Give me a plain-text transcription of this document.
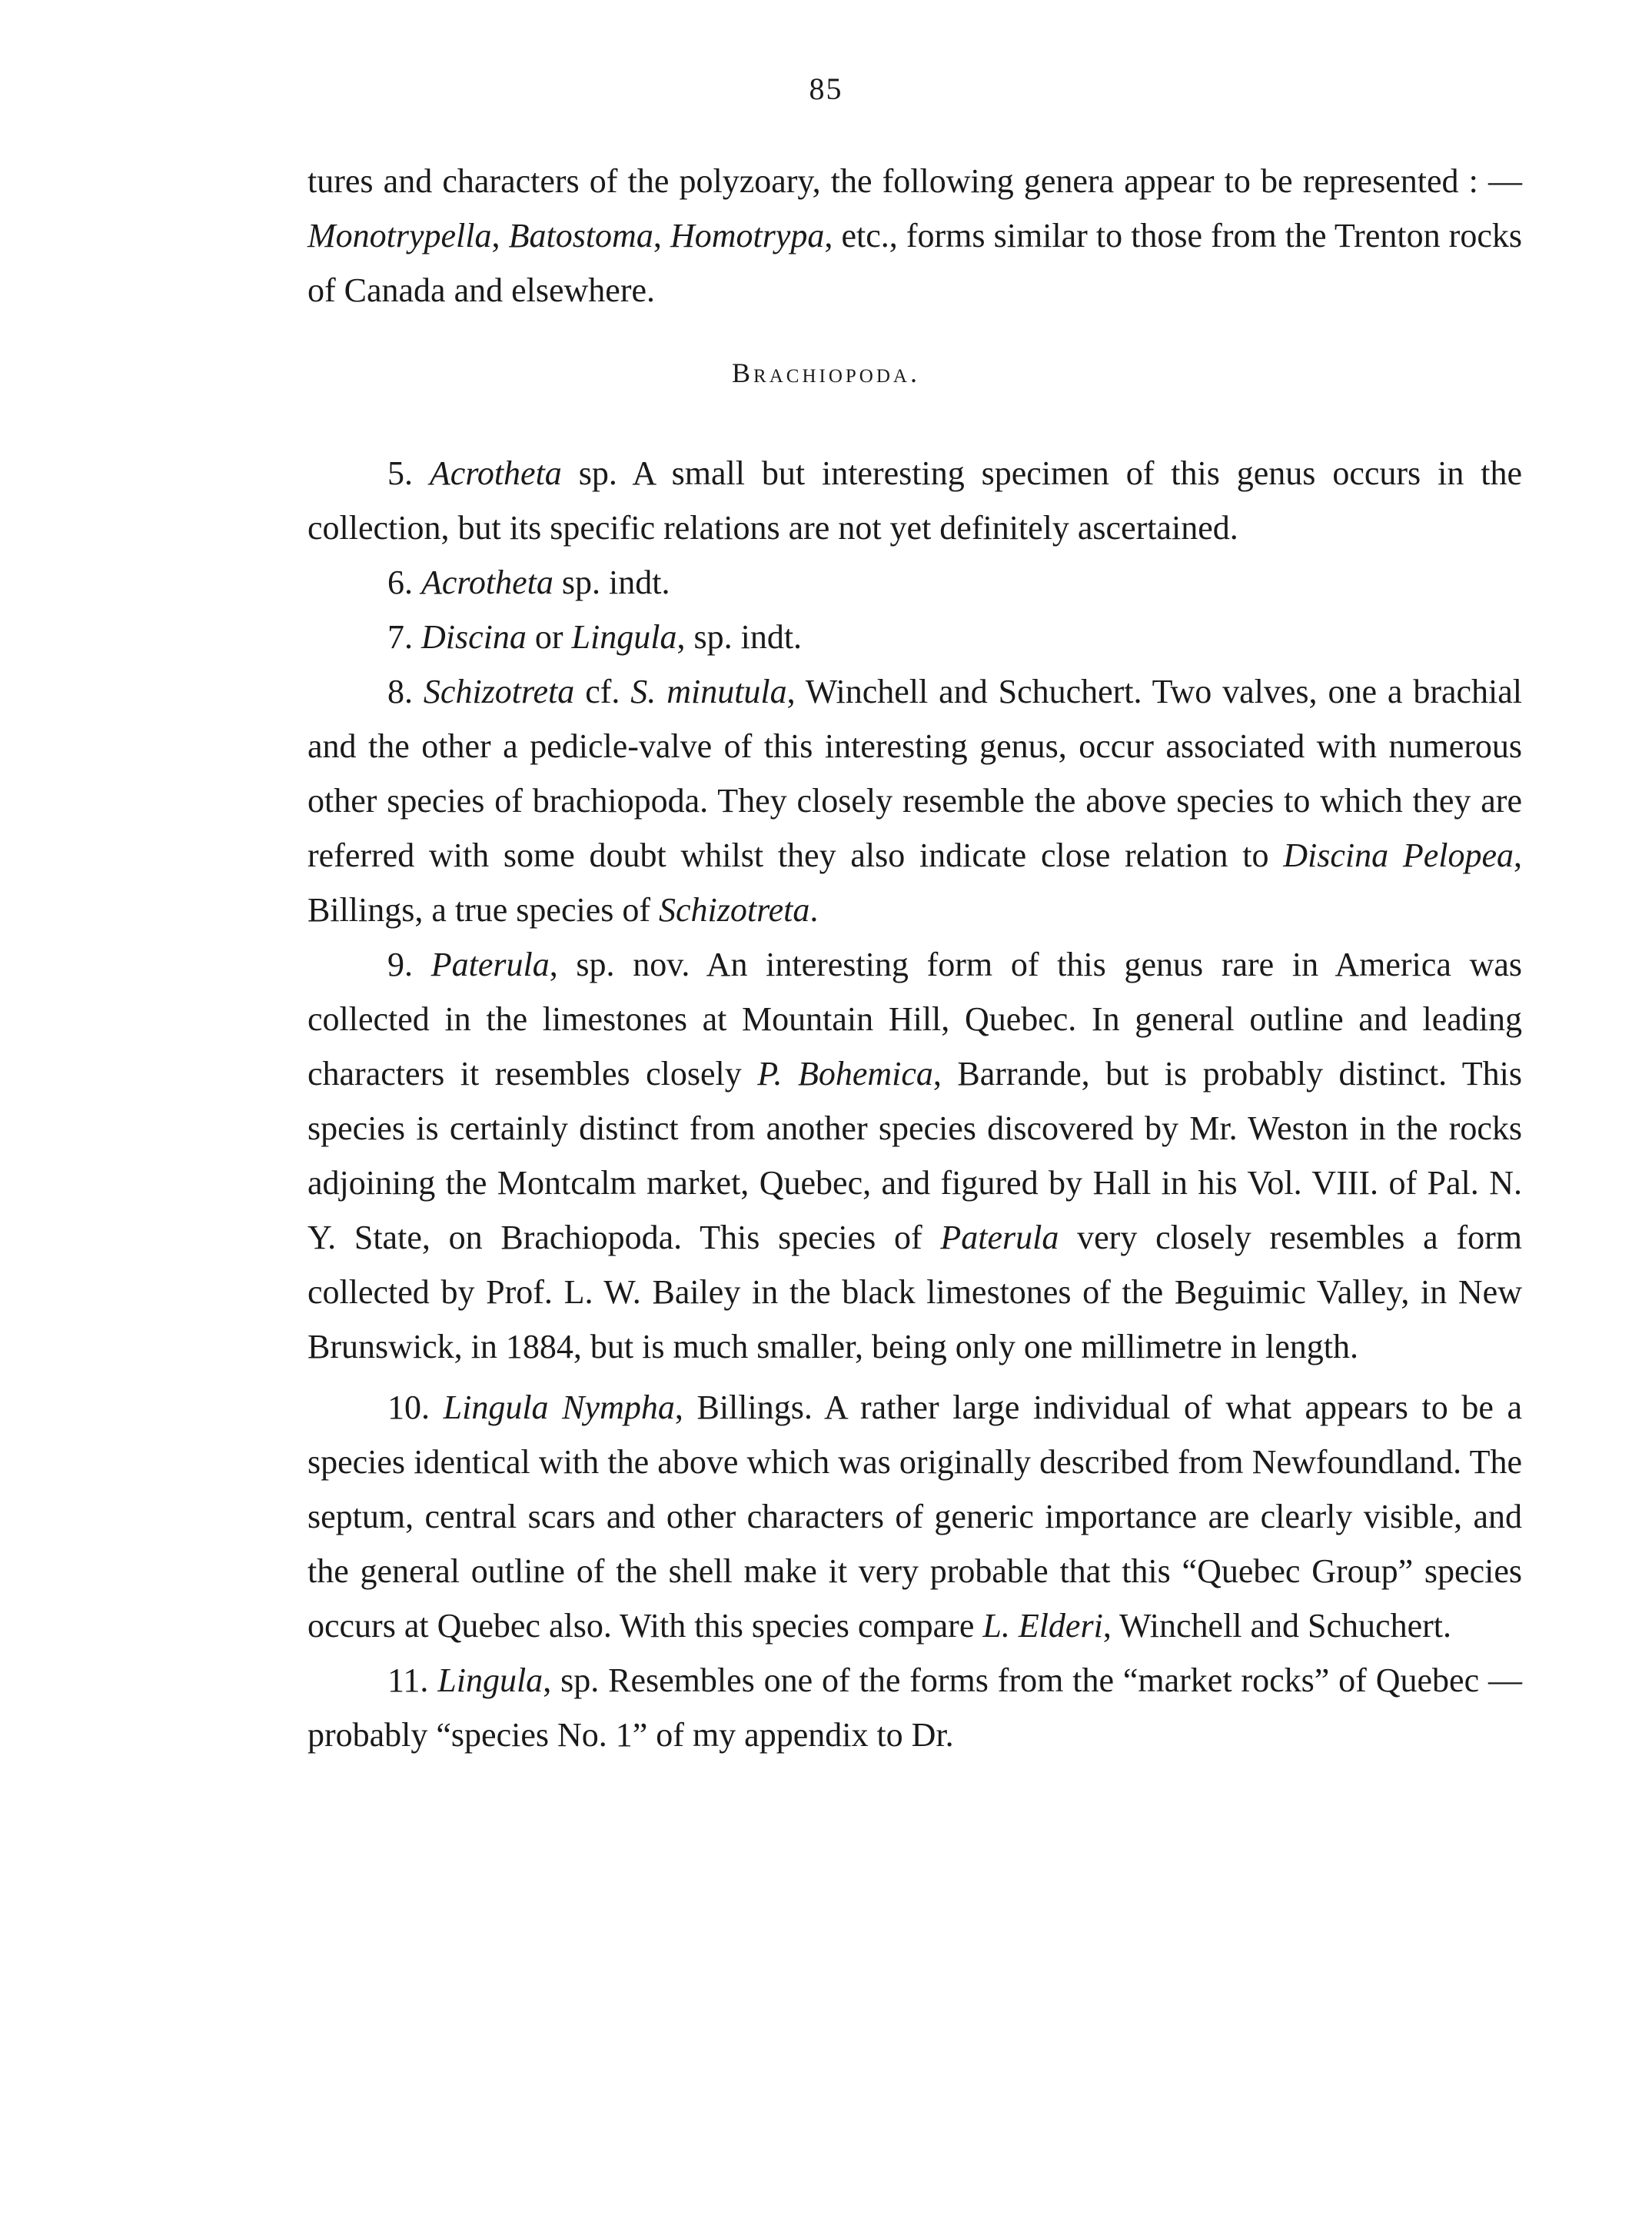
85

tures and characters of the polyzoary, the following genera appear to be represented : — Monotrypella, Batostoma, Homotrypa, etc., forms similar to those from the Trenton rocks of Canada and elsewhere.

Brachiopoda.

5. Acrotheta sp. A small but interesting specimen of this genus occurs in the collection, but its specific relations are not yet definitely ascertained.

6. Acrotheta sp. indt.

7. Discina or Lingula, sp. indt.

8. Schizotreta cf. S. minutula, Winchell and Schuchert. Two valves, one a brachial and the other a pedicle-valve of this interesting genus, occur associated with numerous other species of brachiopoda. They closely resemble the above species to which they are referred with some doubt whilst they also indicate close relation to Discina Pelopea, Billings, a true species of Schizotreta.

9. Paterula, sp. nov. An interesting form of this genus rare in America was collected in the limestones at Mountain Hill, Quebec. In general outline and leading characters it resembles closely P. Bohemica, Barrande, but is probably distinct. This species is certainly distinct from another species discovered by Mr. Weston in the rocks adjoining the Montcalm market, Quebec, and figured by Hall in his Vol. VIII. of Pal. N. Y. State, on Brachiopoda. This species of Paterula very closely resembles a form collected by Prof. L. W. Bailey in the black limestones of the Beguimic Valley, in New Brunswick, in 1884, but is much smaller, being only one millimetre in length.

10. Lingula Nympha, Billings. A rather large individual of what appears to be a species identical with the above which was originally described from Newfoundland. The septum, central scars and other characters of generic importance are clearly visible, and the general outline of the shell make it very probable that this “Quebec Group” species occurs at Quebec also. With this species compare L. Elderi, Winchell and Schuchert.

11. Lingula, sp. Resembles one of the forms from the “market rocks” of Quebec — probably “species No. 1” of my appendix to Dr.
